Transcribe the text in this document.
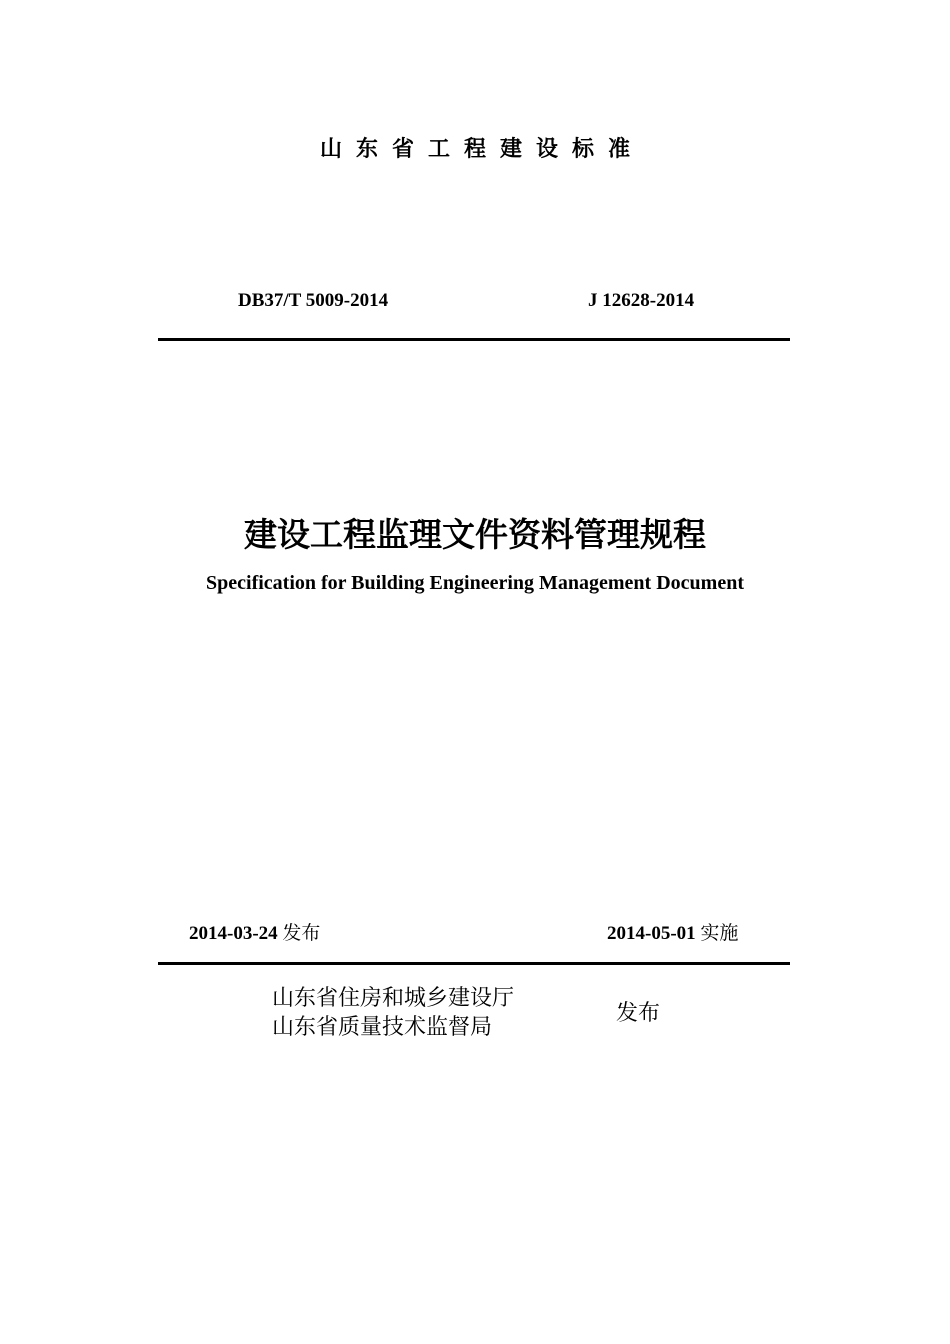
山东省工程建设标准
DB37/T 5009-2014	J 12628-2014
建设工程监理文件资料管理规程
Specification for Building Engineering Management Document
2014-03-24 发布	2014-05-01 实施
山东省住房和城乡建设厅
山东省质量技术监督局
发布
